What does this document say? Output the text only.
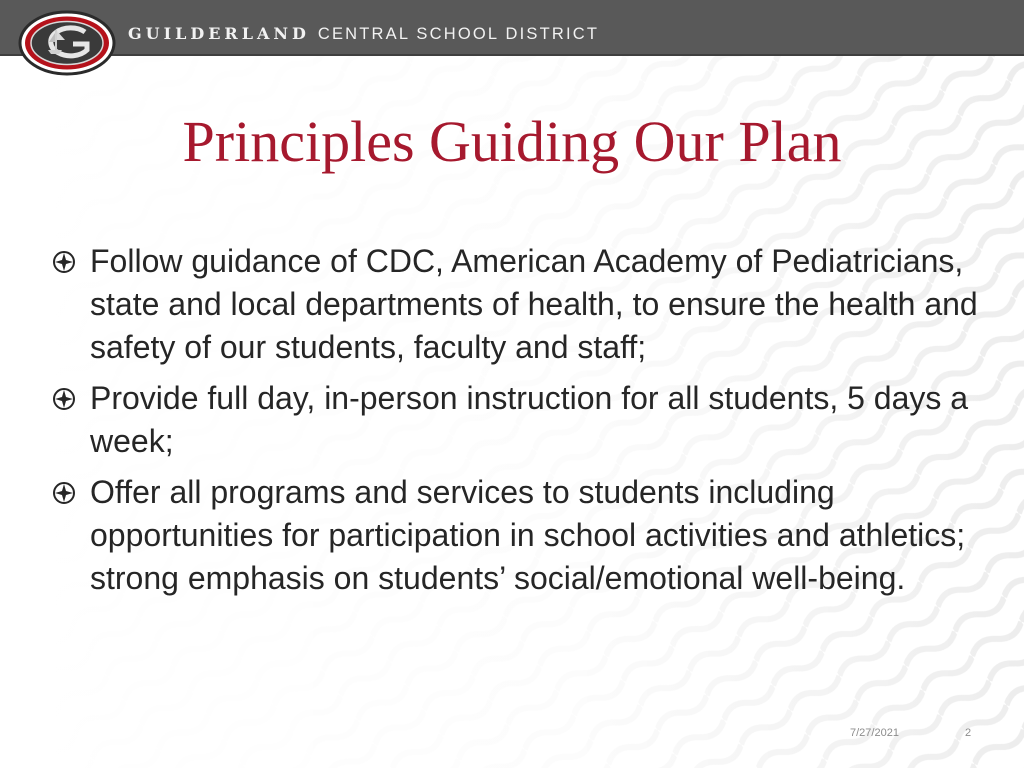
GUILDERLAND CENTRAL SCHOOL DISTRICT

Principles Guiding Our Plan
Follow guidance of CDC, American Academy of Pediatricians, state and local departments of health, to ensure the health and safety of our students, faculty and staff;
Provide full day, in-person instruction for all students, 5 days a week;
Offer all programs and services to students including opportunities for participation in school activities and athletics; strong emphasis on students’ social/emotional well-being.
7/27/2021	2
